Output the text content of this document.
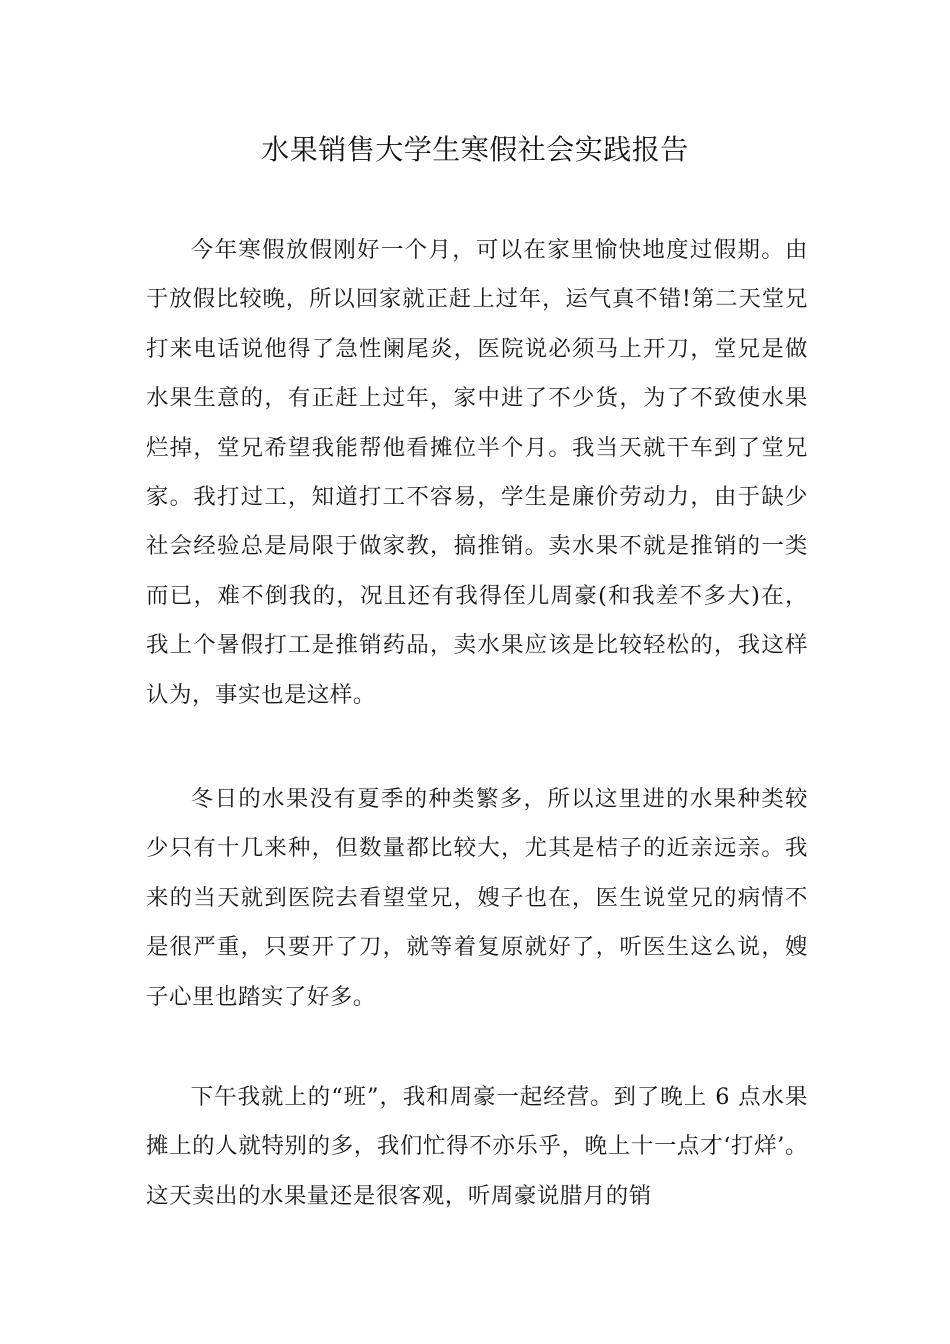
水果销售大学生寒假社会实践报告

今年寒假放假刚好一个月，可以在家里愉快地度过假期。由于放假比较晚，所以回家就正赶上过年，运气真不错!第二天堂兄打来电话说他得了急性阑尾炎，医院说必须马上开刀，堂兄是做水果生意的，有正赶上过年，家中进了不少货，为了不致使水果烂掉，堂兄希望我能帮他看摊位半个月。我当天就干车到了堂兄家。我打过工，知道打工不容易，学生是廉价劳动力，由于缺少社会经验总是局限于做家教，搞推销。卖水果不就是推销的一类而已，难不倒我的，况且还有我得侄儿周豪(和我差不多大)在，我上个暑假打工是推销药品，卖水果应该是比较轻松的，我这样认为，事实也是这样。

冬日的水果没有夏季的种类繁多，所以这里进的水果种类较少只有十几来种，但数量都比较大，尤其是桔子的近亲远亲。我来的当天就到医院去看望堂兄，嫂子也在，医生说堂兄的病情不是很严重，只要开了刀，就等着复原就好了，听医生这么说，嫂子心里也踏实了好多。

下午我就上的“班”，我和周豪一起经营。到了晚上 6 点水果摊上的人就特别的多，我们忙得不亦乐乎，晚上十一点才‘打烊’。这天卖出的水果量还是很客观，听周豪说腊月的销
